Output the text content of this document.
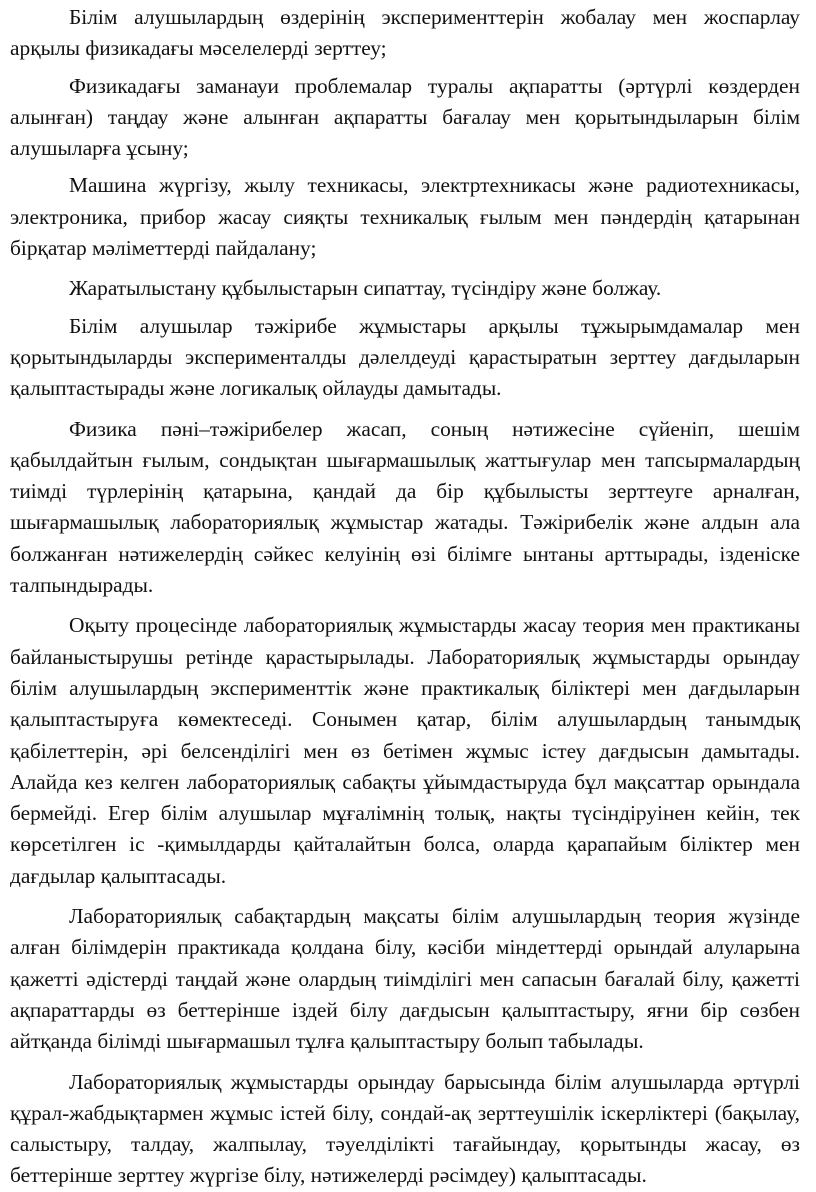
Білім алушылардың өздерінің эксперименттерін жобалау мен жоспарлау арқылы физикадағы мәселелерді зерттеу;

Физикадағы заманауи проблемалар туралы ақпаратты (әртүрлі көздерден алынған) таңдау және алынған ақпаратты бағалау мен қорытындыларын білім алушыларға ұсыну;

Машина жүргізу, жылу техникасы, электртехникасы және радиотехникасы, электроника, прибор жасау сияқты техникалық ғылым мен пәндердің қатарынан бірқатар мәліметтерді пайдалану;

Жаратылыстану құбылыстарын сипаттау, түсіндіру және болжау.

Білім алушылар тәжірибе жұмыстары арқылы тұжырымдамалар мен қорытындыларды эксперименталды дәлелдеуді қарастыратын зерттеу дағдыларын қалыптастырады және логикалық ойлауды дамытады.

Физика пәні–тәжірибелер жасап, соның нәтижесіне сүйеніп, шешім қабылдайтын ғылым, сондықтан шығармашылық жаттығулар мен тапсырмалардың тиімді түрлерінің қатарына, қандай да бір құбылысты зерттеуге арналған, шығармашылық лабораториялық жұмыстар жатады. Тәжірибелік және алдын ала болжанған нәтижелердің сәйкес келуінің өзі білімге ынтаны арттырады, ізденіске талпындырады.

Оқыту процесінде лабораториялық жұмыстарды жасау теория мен практиканы байланыстырушы ретінде қарастырылады. Лабораториялық жұмыстарды орындау білім алушылардың эксперименттік және практикалық біліктері мен дағдыларын қалыптастыруға көмектеседі. Сонымен қатар, білім алушылардың танымдық қабілеттерін, әрі белсенділігі мен өз бетімен жұмыс істеу дағдысын дамытады. Алайда кез келген лабораториялық сабақты ұйымдастыруда бұл мақсаттар орындала бермейді. Егер білім алушылар мұғалімнің толық, нақты түсіндіруінен кейін, тек көрсетілген іс -қимылдарды қайталайтын болса, оларда қарапайым біліктер мен дағдылар қалыптасады.

Лабораториялық сабақтардың мақсаты білім алушылардың теория жүзінде алған білімдерін практикада қолдана білу, кәсіби міндеттерді орындай алуларына қажетті әдістерді таңдай және олардың тиімділігі мен сапасын бағалай білу, қажетті ақпараттарды өз беттерінше іздей білу дағдысын қалыптастыру, яғни бір сөзбен айтқанда білімді шығармашыл тұлға қалыптастыру болып табылады.

Лабораториялық жұмыстарды орындау барысында білім алушыларда әртүрлі құрал-жабдықтармен жұмыс істей білу, сондай-ақ зерттеушілік іскерліктері (бақылау, салыстыру, талдау, жалпылау, тәуелділікті тағайындау, қорытынды жасау, өз беттерінше зерттеу жүргізе білу, нәтижелерді рәсімдеу) қалыптасады.
